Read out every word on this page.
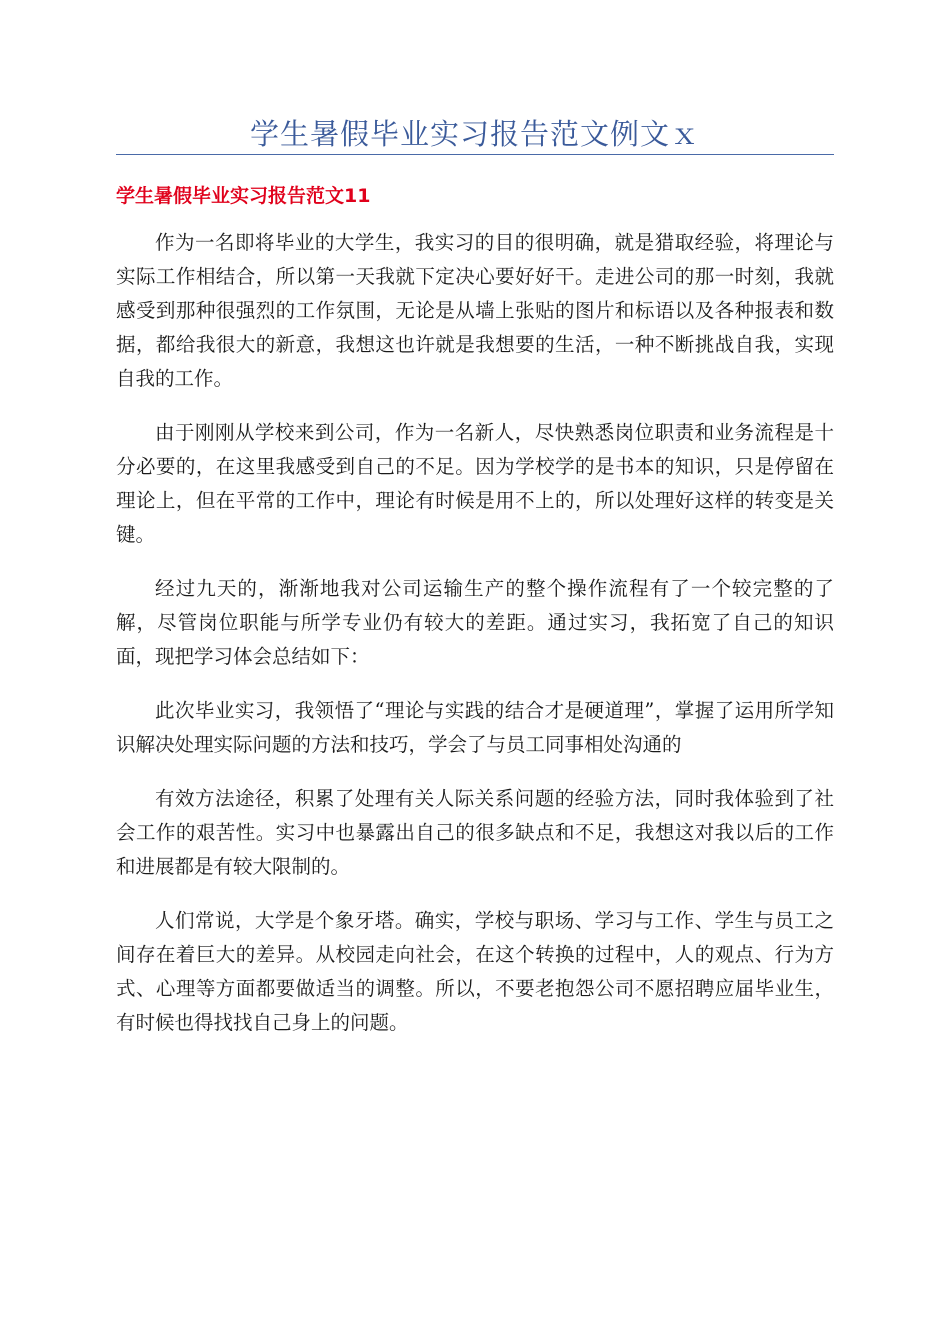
学生暑假毕业实习报告范文例文ｘ
学生暑假毕业实习报告范文11

作为一名即将毕业的大学生，我实习的目的很明确，就是猎取经验，将理论与实际工作相结合，所以第一天我就下定决心要好好干。走进公司的那一时刻，我就感受到那种很强烈的工作氛围，无论是从墙上张贴的图片和标语以及各种报表和数据，都给我很大的新意，我想这也许就是我想要的生活，一种不断挑战自我，实现自我的工作。

由于刚刚从学校来到公司，作为一名新人，尽快熟悉岗位职责和业务流程是十分必要的，在这里我感受到自己的不足。因为学校学的是书本的知识，只是停留在理论上，但在平常的工作中，理论有时候是用不上的，所以处理好这样的转变是关键。

经过九天的，渐渐地我对公司运输生产的整个操作流程有了一个较完整的了解，尽管岗位职能与所学专业仍有较大的差距。通过实习，我拓宽了自己的知识面，现把学习体会总结如下：

此次毕业实习，我领悟了“理论与实践的结合才是硬道理”，掌握了运用所学知识解决处理实际问题的方法和技巧，学会了与员工同事相处沟通的

有效方法途径，积累了处理有关人际关系问题的经验方法，同时我体验到了社会工作的艰苦性。实习中也暴露出自己的很多缺点和不足，我想这对我以后的工作和进展都是有较大限制的。

人们常说，大学是个象牙塔。确实，学校与职场、学习与工作、学生与员工之间存在着巨大的差异。从校园走向社会，在这个转换的过程中，人的观点、行为方式、心理等方面都要做适当的调整。所以，不要老抱怨公司不愿招聘应届毕业生，有时候也得找找自己身上的问题。
